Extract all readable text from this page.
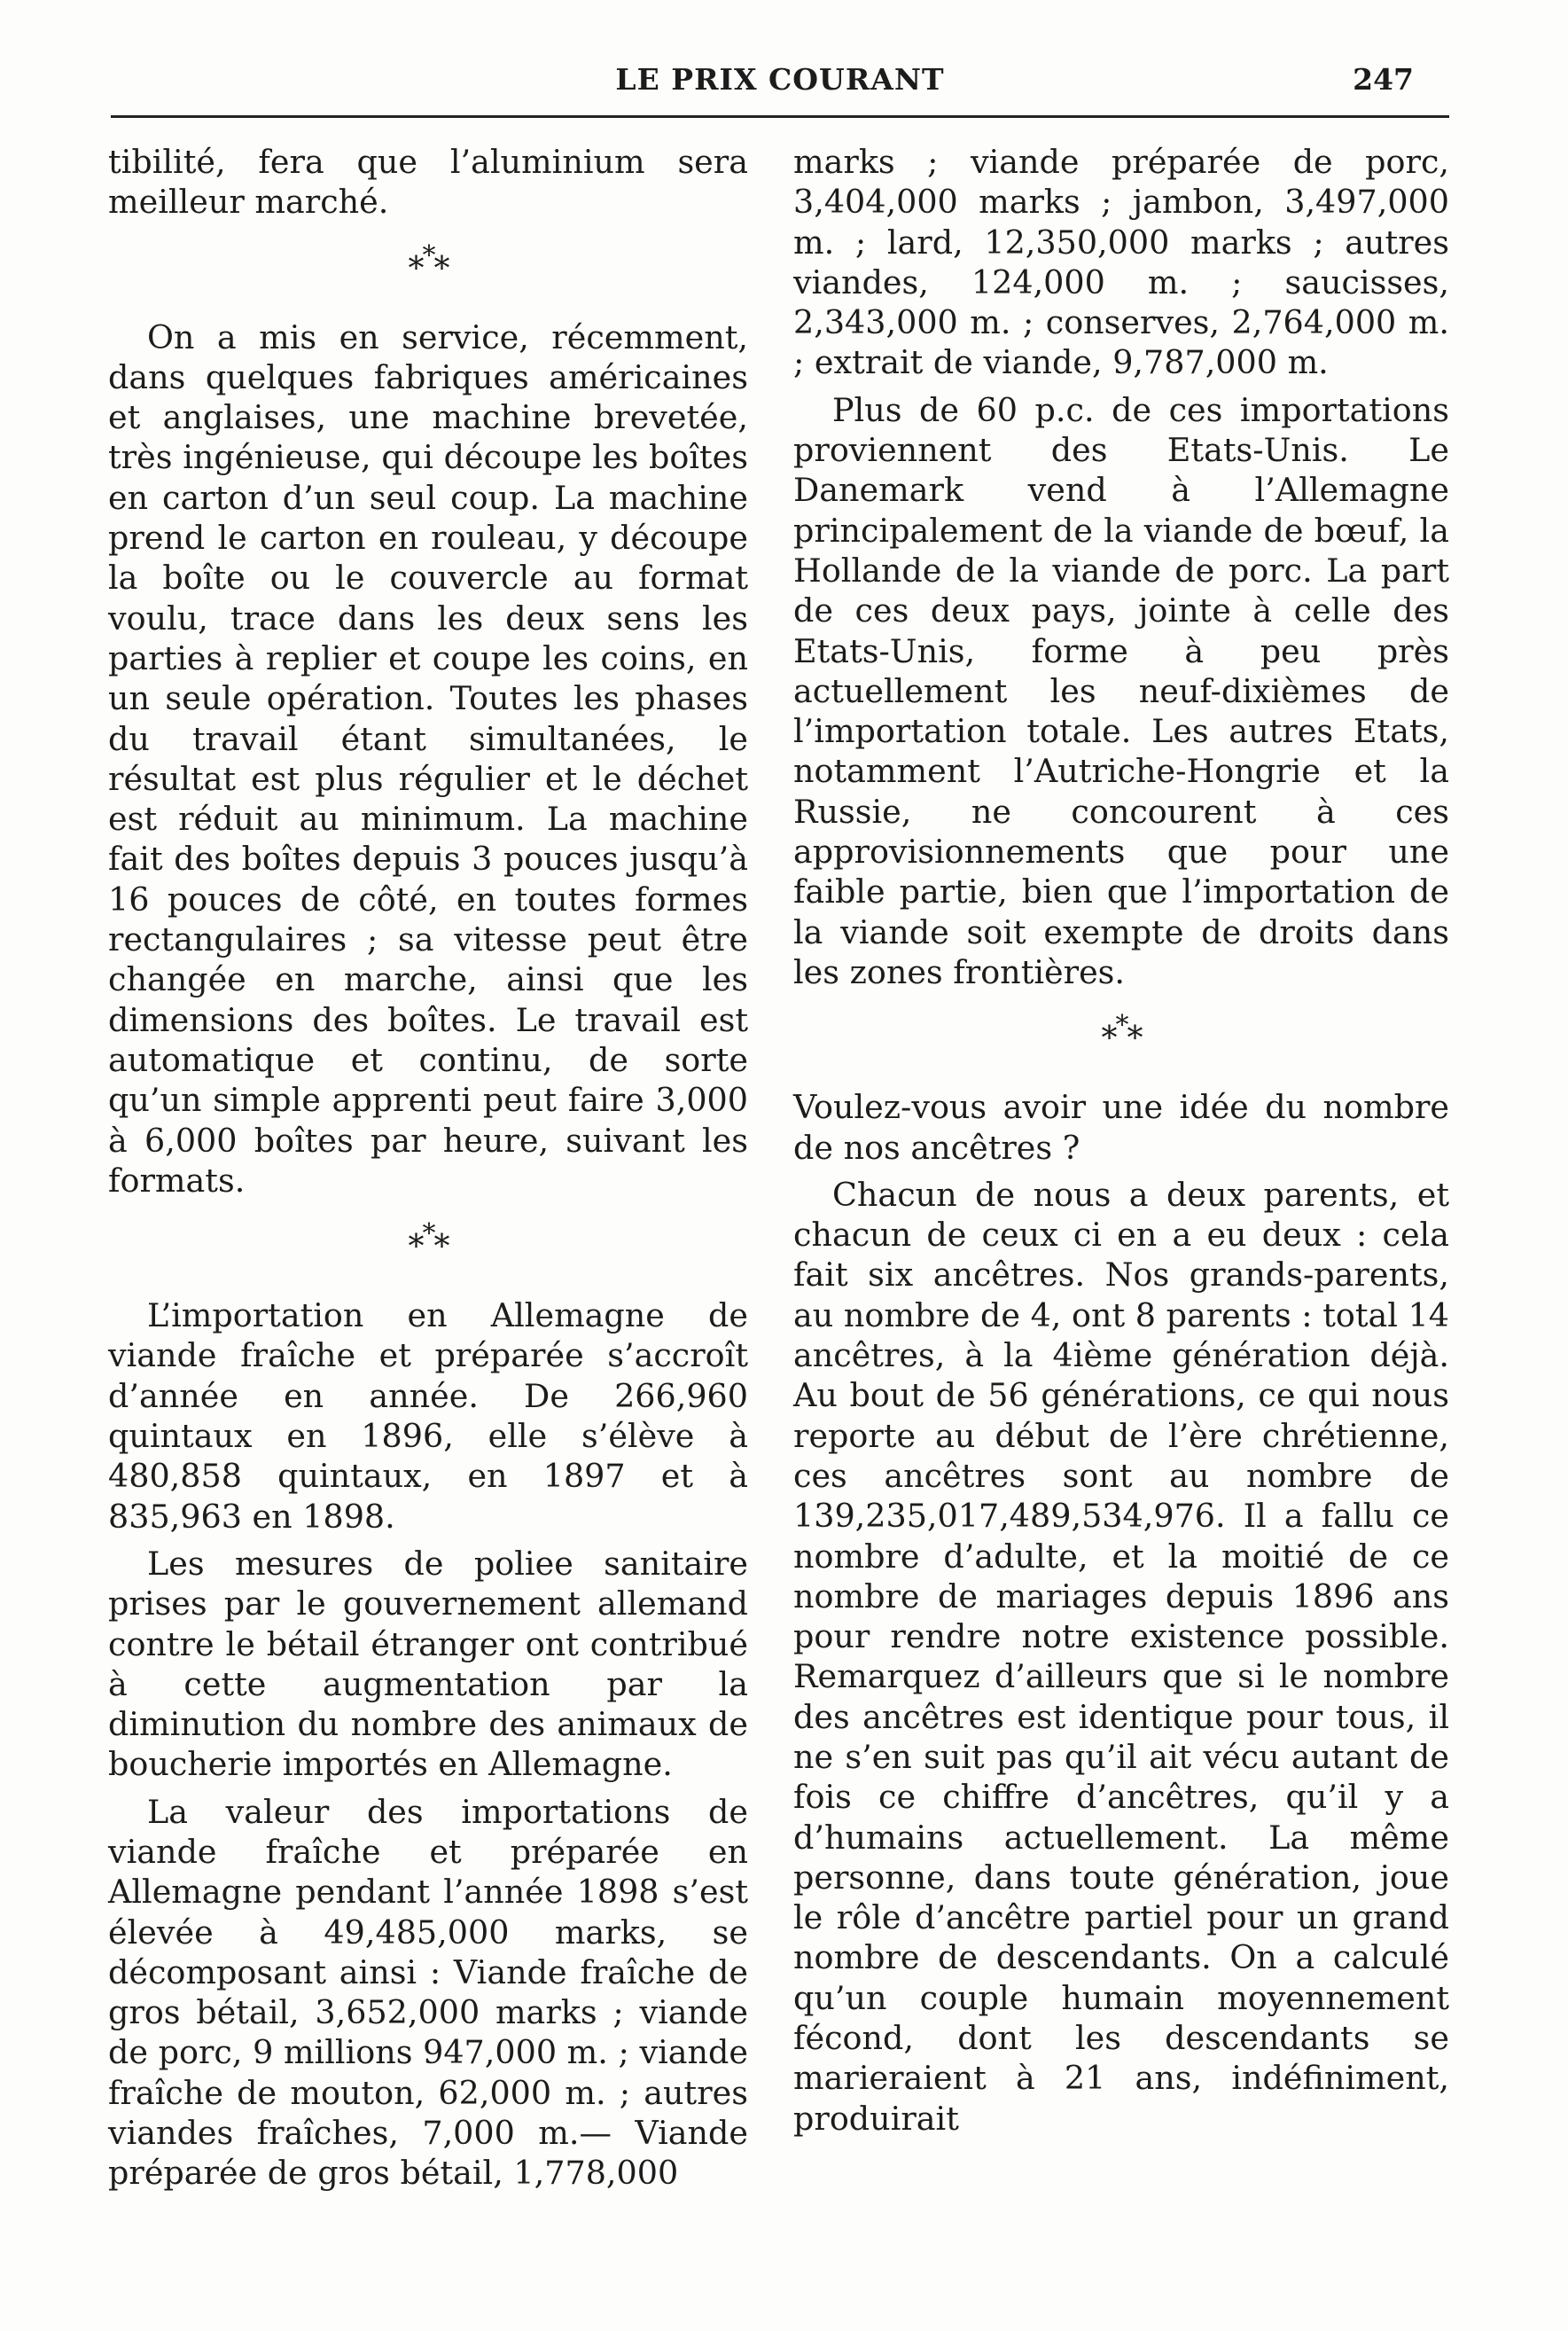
LE PRIX COURANT	247

tibilité, fera que l’aluminium sera meilleur marché.

***

On a mis en service, récemment, dans quelques fabriques américaines et anglaises, une machine brevetée, très ingénieuse, qui découpe les boîtes en carton d’un seul coup. La machine prend le carton en rouleau, y découpe la boîte ou le couvercle au format voulu, trace dans les deux sens les parties à replier et coupe les coins, en un seule opération. Toutes les phases du travail étant simultanées, le résultat est plus régulier et le déchet est réduit au minimum. La machine fait des boîtes depuis 3 pouces jusqu’à 16 pouces de côté, en toutes formes rectangulaires ; sa vitesse peut être changée en marche, ainsi que les dimensions des boîtes. Le travail est automatique et continu, de sorte qu’un simple apprenti peut faire 3,000 à 6,000 boîtes par heure, suivant les formats.

***

L’importation en Allemagne de viande fraîche et préparée s’accroît d’année en année. De 266,960 quintaux en 1896, elle s’élève à 480,858 quintaux, en 1897 et à 835,963 en 1898.

Les mesures de poliee sanitaire prises par le gouvernement allemand contre le bétail étranger ont contribué à cette augmentation par la diminution du nombre des animaux de boucherie importés en Allemagne.

La valeur des importations de viande fraîche et préparée en Allemagne pendant l’année 1898 s’est élevée à 49,485,000 marks, se décomposant ainsi : Viande fraîche de gros bétail, 3,652,000 marks ; viande de porc, 9 millions 947,000 m. ; viande fraîche de mouton, 62,000 m. ; autres viandes fraîches, 7,000 m.— Viande préparée de gros bétail, 1,778,000

marks ; viande préparée de porc, 3,404,000 marks ; jambon, 3,497,000 m. ; lard, 12,350,000 marks ; autres viandes, 124,000 m. ; saucisses, 2,343,000 m. ; conserves, 2,764,000 m. ; extrait de viande, 9,787,000 m.

Plus de 60 p.c. de ces importations proviennent des Etats-Unis. Le Danemark vend à l’Allemagne principalement de la viande de bœuf, la Hollande de la viande de porc. La part de ces deux pays, jointe à celle des Etats-Unis, forme à peu près actuellement les neuf-dixièmes de l’importation totale. Les autres Etats, notamment l’Autriche-Hongrie et la Russie, ne concourent à ces approvisionnements que pour une faible partie, bien que l’importation de la viande soit exempte de droits dans les zones frontières.

***

Voulez-vous avoir une idée du nombre de nos ancêtres ?

Chacun de nous a deux parents, et chacun de ceux ci en a eu deux : cela fait six ancêtres. Nos grands-parents, au nombre de 4, ont 8 parents : total 14 ancêtres, à la 4ième génération déjà. Au bout de 56 générations, ce qui nous reporte au début de l’ère chrétienne, ces ancêtres sont au nombre de 139,235,017,489,534,976. Il a fallu ce nombre d’adulte, et la moitié de ce nombre de mariages depuis 1896 ans pour rendre notre existence possible. Remarquez d’ailleurs que si le nombre des ancêtres est identique pour tous, il ne s’en suit pas qu’il ait vécu autant de fois ce chiffre d’ancêtres, qu’il y a d’humains actuellement. La même personne, dans toute génération, joue le rôle d’ancêtre partiel pour un grand nombre de descendants. On a calculé qu’un couple humain moyennement fécond, dont les descendants se marieraient à 21 ans, indéfiniment, produirait
